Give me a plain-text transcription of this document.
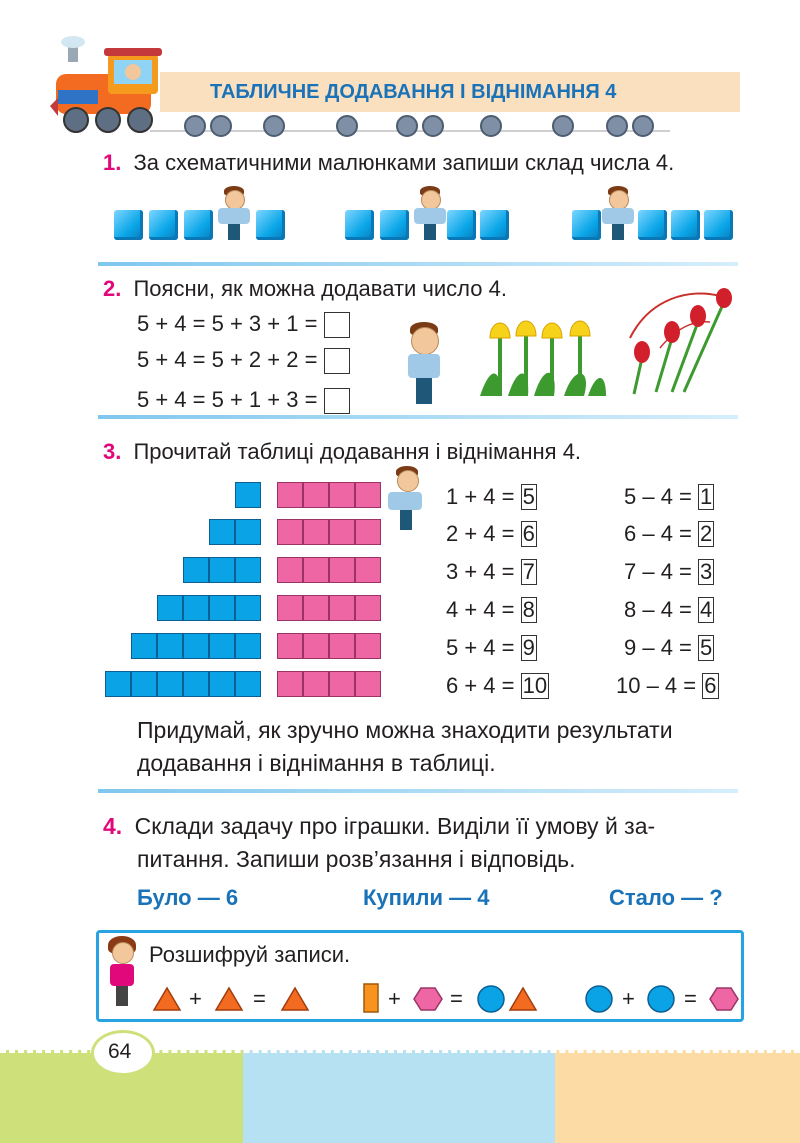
ТАБЛИЧНЕ ДОДАВАННЯ І ВІДНІМАННЯ 4
1. За схематичними малюнками запиши склад числа 4.
2. Поясни, як можна додавати число 4.
5 + 4 = 5 + 3 + 1 =
5 + 4 = 5 + 2 + 2 =
5 + 4 = 5 + 1 + 3 =
3. Прочитай таблиці додавання і віднімання 4.
1 + 4 = 5
2 + 4 = 6
3 + 4 = 7
4 + 4 = 8
5 + 4 = 9
6 + 4 = 10
5 – 4 = 1
6 – 4 = 2
7 – 4 = 3
8 – 4 = 4
9 – 4 = 5
10 – 4 = 6
Придумай, як зручно можна знаходити результати
додавання і віднімання в таблиці.
4. Склади задачу про іграшки. Виділи її умову й за-
питання. Запиши розв’язання і відповідь.
Було — 6	Купили — 4	Стало — ?
Розшифруй записи.
+ =	+ =	+ =
64
